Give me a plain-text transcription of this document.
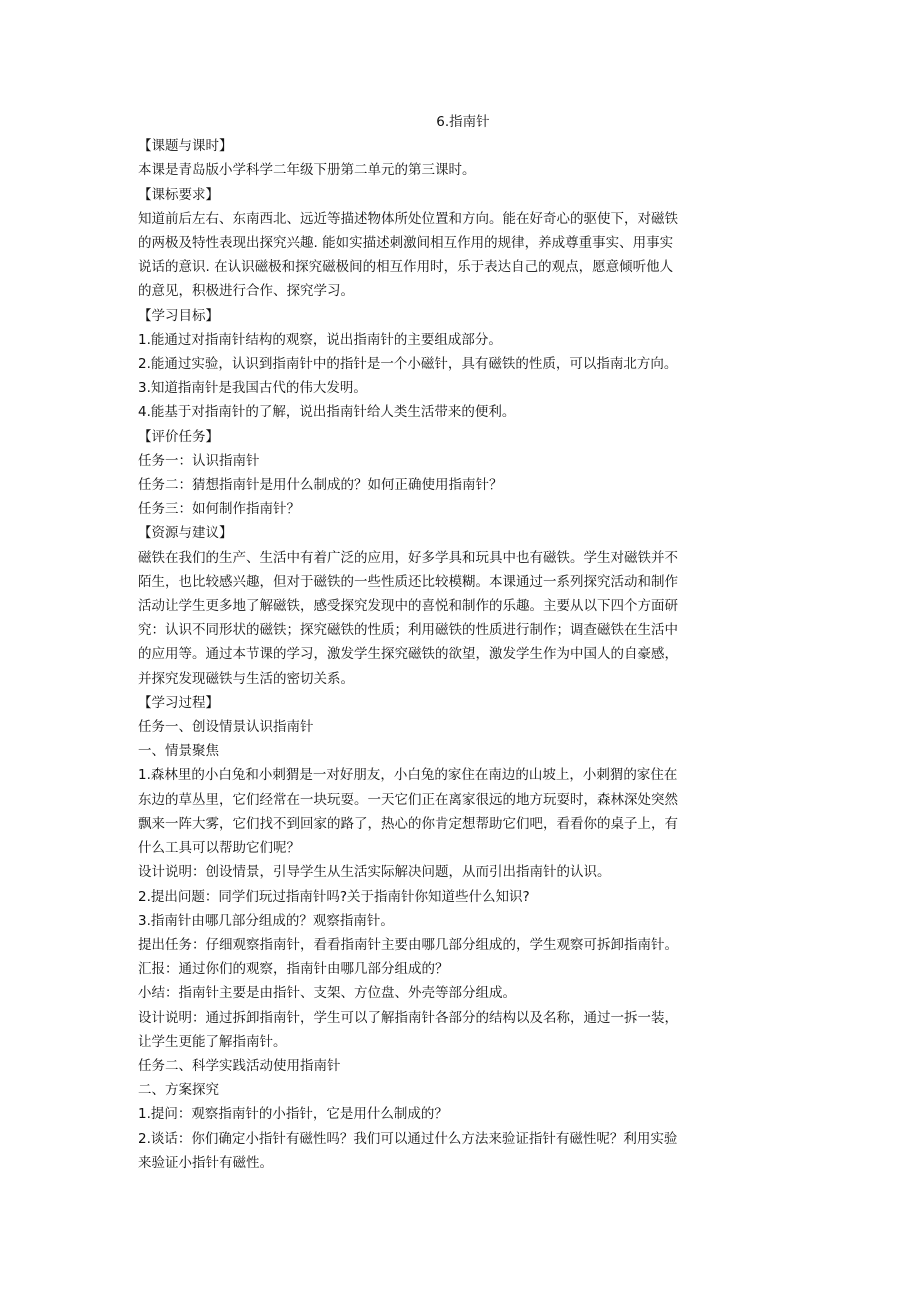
6.指南针
【课题与课时】
本课是青岛版小学科学二年级下册第二单元的第三课时。
【课标要求】
知道前后左右、东南西北、远近等描述物体所处位置和方向。能在好奇心的驱使下，对磁铁
的两极及特性表现出探究兴趣. 能如实描述刺激间相互作用的规律，养成尊重事实、用事实
说话的意识. 在认识磁极和探究磁极间的相互作用时，乐于表达自己的观点，愿意倾听他人
的意见，积极进行合作、探究学习。
【学习目标】
1.能通过对指南针结构的观察，说出指南针的主要组成部分。
2.能通过实验，认识到指南针中的指针是一个小磁针，具有磁铁的性质，可以指南北方向。
3.知道指南针是我国古代的伟大发明。
4.能基于对指南针的了解，说出指南针给人类生活带来的便利。
【评价任务】
任务一：认识指南针
任务二：猜想指南针是用什么制成的？如何正确使用指南针？
任务三：如何制作指南针？
【资源与建议】
磁铁在我们的生产、生活中有着广泛的应用，好多学具和玩具中也有磁铁。学生对磁铁并不
陌生，也比较感兴趣，但对于磁铁的一些性质还比较模糊。本课通过一系列探究活动和制作
活动让学生更多地了解磁铁，感受探究发现中的喜悦和制作的乐趣。主要从以下四个方面研
究：认识不同形状的磁铁；探究磁铁的性质；利用磁铁的性质进行制作；调查磁铁在生活中
的应用等。通过本节课的学习，激发学生探究磁铁的欲望，激发学生作为中国人的自豪感，
并探究发现磁铁与生活的密切关系。
【学习过程】
任务一、创设情景认识指南针
一、情景聚焦
1.森林里的小白兔和小刺猬是一对好朋友，小白兔的家住在南边的山坡上，小刺猬的家住在
东边的草丛里，它们经常在一块玩耍。一天它们正在离家很远的地方玩耍时，森林深处突然
飘来一阵大雾，它们找不到回家的路了，热心的你肯定想帮助它们吧，看看你的桌子上，有
什么工具可以帮助它们呢？
设计说明：创设情景，引导学生从生活实际解决问题，从而引出指南针的认识。
2.提出问题：同学们玩过指南针吗?关于指南针你知道些什么知识?
3.指南针由哪几部分组成的？观察指南针。
提出任务：仔细观察指南针，看看指南针主要由哪几部分组成的，学生观察可拆卸指南针。
汇报：通过你们的观察，指南针由哪几部分组成的？
小结：指南针主要是由指针、支架、方位盘、外壳等部分组成。
设计说明：通过拆卸指南针，学生可以了解指南针各部分的结构以及名称，通过一拆一装，
让学生更能了解指南针。
任务二、科学实践活动使用指南针
二、方案探究
1.提问：观察指南针的小指针，它是用什么制成的？
2.谈话：你们确定小指针有磁性吗？我们可以通过什么方法来验证指针有磁性呢？利用实验
来验证小指针有磁性。
